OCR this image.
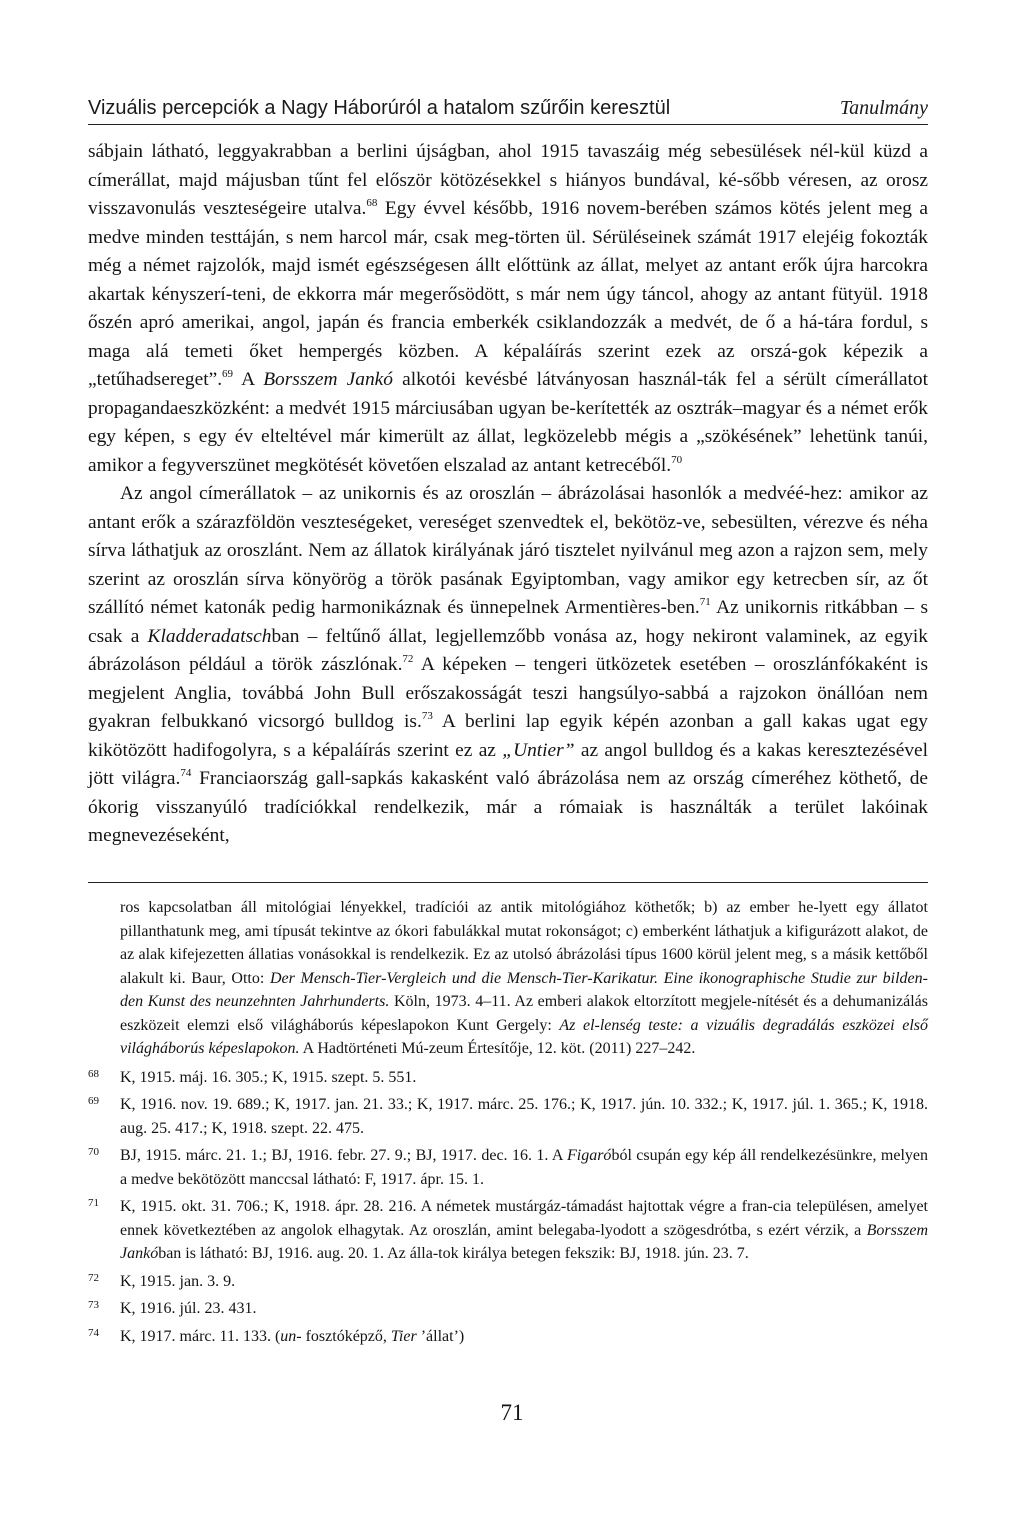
Vizuális percepciók a Nagy Háborúról a hatalom szűrőin keresztül	Tanulmány

sábjain látható, leggyakrabban a berlini újságban, ahol 1915 tavaszáig még sebesülések nél-kül küzd a címerállat, majd májusban tűnt fel először kötözésekkel s hiányos bundával, ké-sőbb véresen, az orosz visszavonulás veszteségeire utalva.$^{68}$ Egy évvel később, 1916 novem-berében számos kötés jelent meg a medve minden testtáján, s nem harcol már, csak meg-törten ül. Sérüléseinek számát 1917 elejéig fokozták még a német rajzolók, majd ismét egészségesen állt előttünk az állat, melyet az antant erők újra harcokra akartak kényszerí-teni, de ekkorra már megerősödött, s már nem úgy táncol, ahogy az antant fütyül. 1918 őszén apró amerikai, angol, japán és francia emberkék csiklandozzák a medvét, de ő a há-tára fordul, s maga alá temeti őket hempergés közben. A képaláírás szerint ezek az orszá-gok képezik a „tetűhadsereget”.$^{69}$ A Borsszem Jankó alkotói kevésbé látványosan használ-ták fel a sérült címerállatot propagandaeszközként: a medvét 1915 márciusában ugyan be-kerítették az osztrák–magyar és a német erők egy képen, s egy év elteltével már kimerült az állat, legközelebb mégis a „szökésének” lehetünk tanúi, amikor a fegyverszünet megkötését követően elszalad az antant ketrecéből.$^{70}$

Az angol címerállatok – az unikornis és az oroszlán – ábrázolásai hasonlók a medvéé-hez: amikor az antant erők a szárazföldön veszteségeket, vereséget szenvedtek el, bekötöz-ve, sebesülten, vérezve és néha sírva láthatjuk az oroszlánt. Nem az állatok királyának járó tisztelet nyilvánul meg azon a rajzon sem, mely szerint az oroszlán sírva könyörög a török pasának Egyiptomban, vagy amikor egy ketrecben sír, az őt szállító német katonák pedig harmonikáznak és ünnepelnek Armentières-ben.$^{71}$ Az unikornis ritkábban – s csak a Kladderadatschban – feltűnő állat, legjellemzőbb vonása az, hogy nekiront valaminek, az egyik ábrázoláson például a török zászlónak.$^{72}$ A képeken – tengeri ütközetek esetében – oroszlánfókaként is megjelent Anglia, továbbá John Bull erőszakosságát teszi hangsúlyo-sabbá a rajzokon önállóan nem gyakran felbukkanó vicsorgó bulldog is.$^{73}$ A berlini lap egyik képén azonban a gall kakas ugat egy kikötözött hadifogolyra, s a képaláírás szerint ez az „Untier” az angol bulldog és a kakas keresztezésével jött világra.$^{74}$ Franciaország gall-sapkás kakasként való ábrázolása nem az ország címeréhez köthető, de ókorig visszanyúló tradíciókkal rendelkezik, már a rómaiak is használták a terület lakóinak megnevezéseként,

ros kapcsolatban áll mitológiai lényekkel, tradíciói az antik mitológiához köthetők; b) az ember he-lyett egy állatot pillanthatunk meg, ami típusát tekintve az ókori fabulákkal mutat rokonságot; c) emberként láthatjuk a kifigurázott alakot, de az alak kifejezetten állatias vonásokkal is rendelkezik. Ez az utolsó ábrázolási típus 1600 körül jelent meg, s a másik kettőből alakult ki. Baur, Otto: Der Mensch-Tier-Vergleich und die Mensch-Tier-Karikatur. Eine ikonographische Studie zur bilden-den Kunst des neunzehnten Jahrhunderts. Köln, 1973. 4–11. Az emberi alakok eltorzított megjele-nítését és a dehumanizálás eszközeit elemzi első világháborús képeslapokon Kunt Gergely: Az el-lenség teste: a vizuális degradálás eszközei első világháborús képeslapokon. A Hadtörténeti Mú-zeum Értesítője, 12. köt. (2011) 227–242.
68 K, 1915. máj. 16. 305.; K, 1915. szept. 5. 551.
69 K, 1916. nov. 19. 689.; K, 1917. jan. 21. 33.; K, 1917. márc. 25. 176.; K, 1917. jún. 10. 332.; K, 1917. júl. 1. 365.; K, 1918. aug. 25. 417.; K, 1918. szept. 22. 475.
70 BJ, 1915. márc. 21. 1.; BJ, 1916. febr. 27. 9.; BJ, 1917. dec. 16. 1. A Figaróból csupán egy kép áll rendelkezésünkre, melyen a medve bekötözött manccsal látható: F, 1917. ápr. 15. 1.
71 K, 1915. okt. 31. 706.; K, 1918. ápr. 28. 216. A németek mustárgáz-támadást hajtottak végre a fran-cia településen, amelyet ennek következtében az angolok elhagytak. Az oroszlán, amint belegaba-lyodott a szögesdrótba, s ezért vérzik, a Borsszem Jankóban is látható: BJ, 1916. aug. 20. 1. Az álla-tok királya betegen fekszik: BJ, 1918. jún. 23. 7.
72 K, 1915. jan. 3. 9.
73 K, 1916. júl. 23. 431.
74 K, 1917. márc. 11. 133. (un- fosztóképző, Tier ’állat’)
71
